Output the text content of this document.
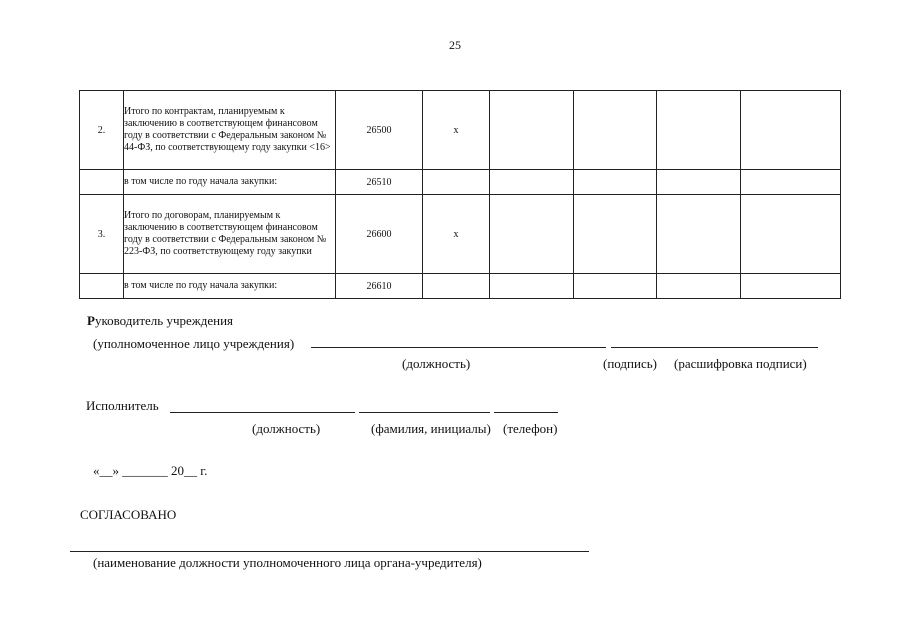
25
2.	Итого по контрактам, планируемым к заключению в соответствующем финансовом году в соответствии с Федеральным законом № 44-ФЗ, по соответствующему году закупки <16>	26500	x				
	в том числе по году начала закупки:	26510					
3.	Итого по договорам, планируемым к заключению в соответствующем финансовом году в соответствии с Федеральным законом № 223-ФЗ, по соответствующему году закупки	26600	x				
	в том числе по году начала закупки:	26610					
Руководитель учреждения
(уполномоченное лицо учреждения)
(должность)	(подпись) (расшифровка подписи)
Исполнитель
(должность)	(фамилия, инициалы) (телефон)
«__» _______ 20__ г.
СОГЛАСОВАНО
(наименование должности уполномоченного лица органа-учредителя)
